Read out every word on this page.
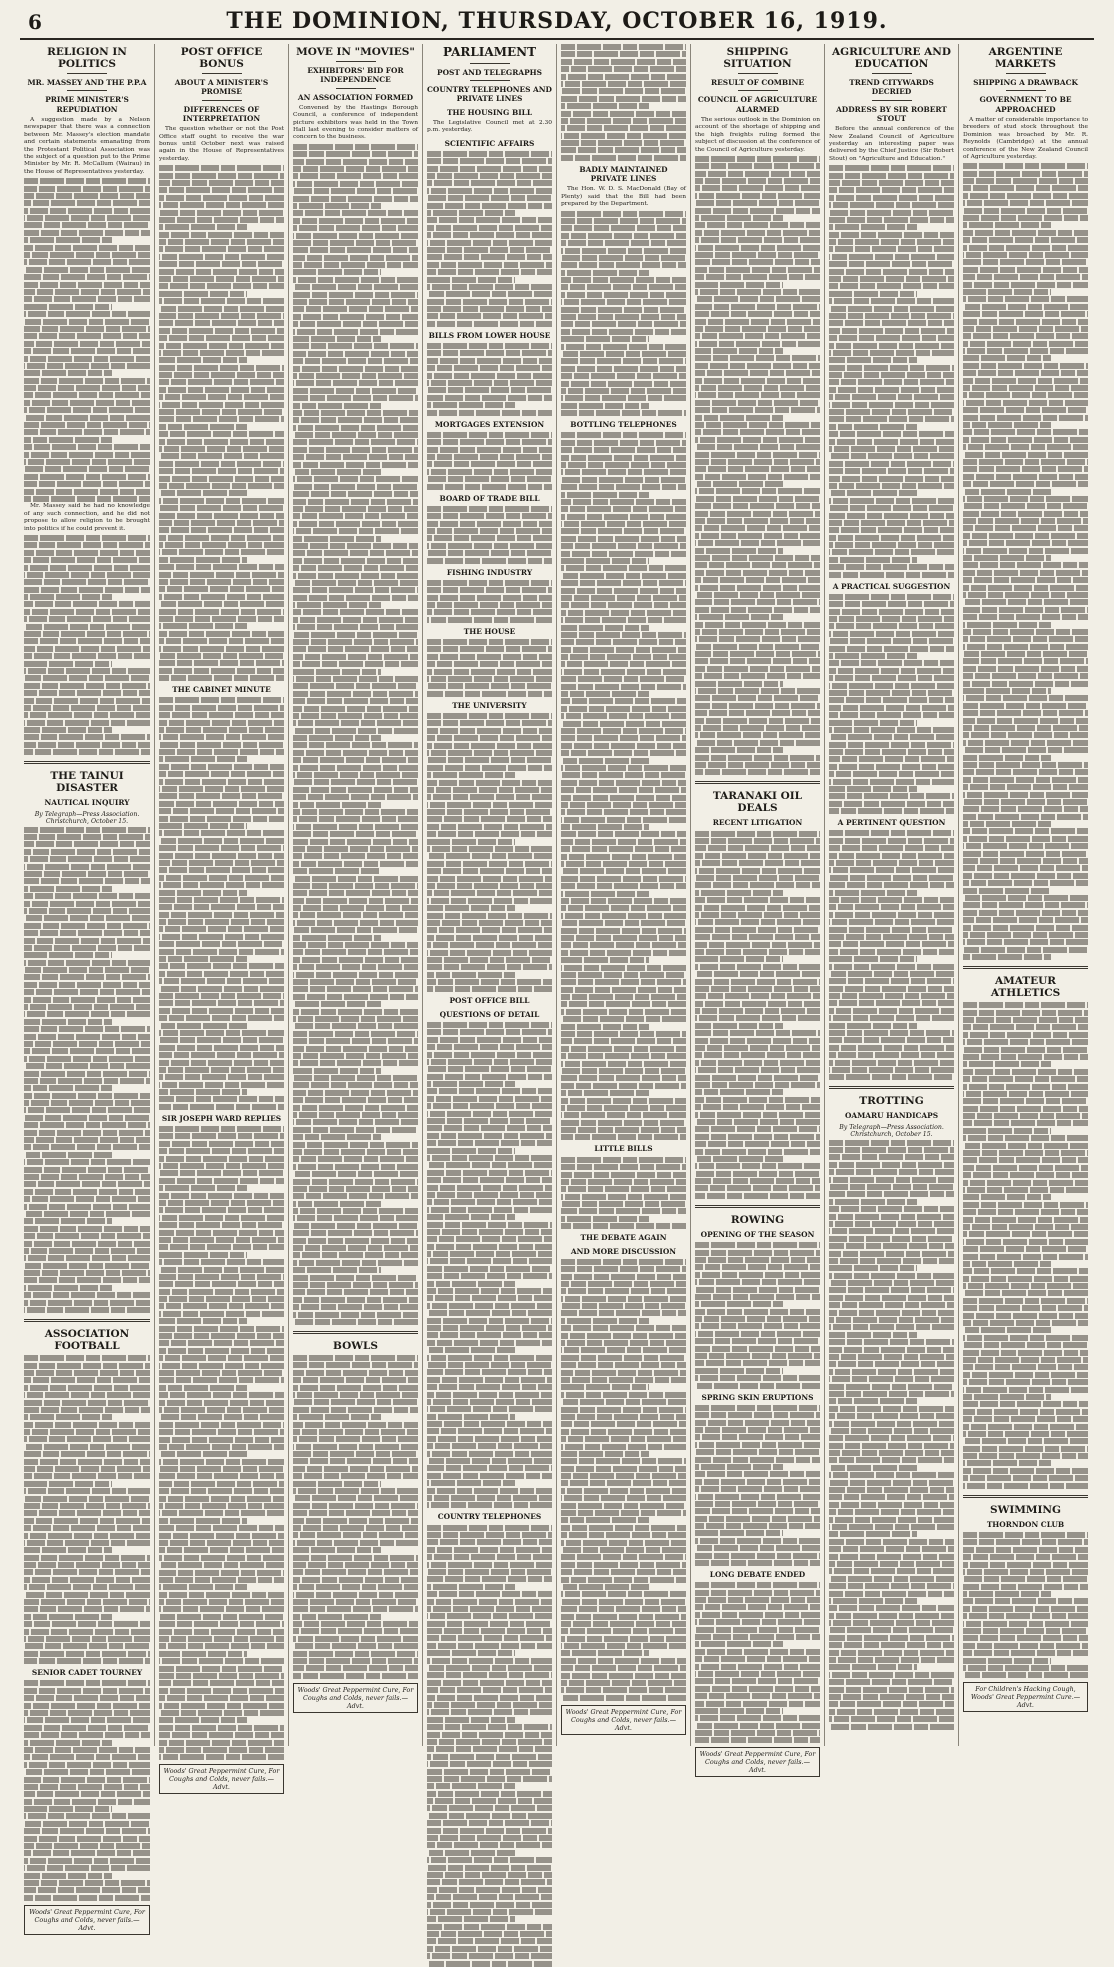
6	THE DOMINION, THURSDAY, OCTOBER 16, 1919.
RELIGION IN POLITICS
MR. MASSEY AND THE P.P.A
PRIME MINISTER'S REPUDIATION

A suggestion made by a Nelson newspaper that there was a connection between Mr. Massey's election mandate and certain statements emanating from the Protestant Political Association was the subject of a question put to the Prime Minister by Mr. R. McCallum (Wairau) in the House of Representatives yesterday.

Mr. Massey said he had no knowledge of any such connection, and he did not propose to allow religion to be brought into politics if he could prevent it.

THE TAINUI DISASTER
NAUTICAL INQUIRY
By Telegraph—Press Association. Christchurch, October 15.
ASSOCIATION FOOTBALL
SENIOR CADET TOURNEY
Woods' Great Peppermint Cure, For Coughs and Colds, never fails.—Advt.
POST OFFICE BONUS
ABOUT A MINISTER'S PROMISE
DIFFERENCES OF INTERPRETATION

The question whether or not the Post Office staff ought to receive the war bonus until October next was raised again in the House of Representatives yesterday.

THE CABINET MINUTE
SIR JOSEPH WARD REPLIES
Woods' Great Peppermint Cure, For Coughs and Colds, never fails.—Advt.
MOVE IN "MOVIES"
EXHIBITORS' BID FOR INDEPENDENCE
AN ASSOCIATION FORMED

Convened by the Hastings Borough Council, a conference of independent picture exhibitors was held in the Town Hall last evening to consider matters of concern to the business.

BOWLS
Woods' Great Peppermint Cure, For Coughs and Colds, never fails.—Advt.
PARLIAMENT
POST AND TELEGRAPHS
COUNTRY TELEPHONES AND PRIVATE LINES
THE HOUSING BILL

The Legislative Council met at 2.30 p.m. yesterday.

SCIENTIFIC AFFAIRS
BILLS FROM LOWER HOUSE
MORTGAGES EXTENSION
BOARD OF TRADE BILL
FISHING INDUSTRY
THE HOUSE
THE UNIVERSITY
POST OFFICE BILL
QUESTIONS OF DETAIL
COUNTRY TELEPHONES
BADLY MAINTAINED PRIVATE LINES

The Hon. W. D. S. MacDonald (Bay of Plenty) said that the Bill had been prepared by the Department.

BOTTLING TELEPHONES
LITTLE BILLS
THE DEBATE AGAIN
AND MORE DISCUSSION
Woods' Great Peppermint Cure, For Coughs and Colds, never fails.—Advt.
SHIPPING SITUATION
RESULT OF COMBINE
COUNCIL OF AGRICULTURE ALARMED

The serious outlook in the Dominion on account of the shortage of shipping and the high freights ruling formed the subject of discussion at the conference of the Council of Agriculture yesterday.

TARANAKI OIL DEALS
RECENT LITIGATION
ROWING
OPENING OF THE SEASON
SPRING SKIN ERUPTIONS
LONG DEBATE ENDED
Woods' Great Peppermint Cure, For Coughs and Colds, never fails.—Advt.
AGRICULTURE AND EDUCATION
TREND CITYWARDS DECRIED
ADDRESS BY SIR ROBERT STOUT

Before the annual conference of the New Zealand Council of Agriculture yesterday an interesting paper was delivered by the Chief Justice (Sir Robert Stout) on "Agriculture and Education."

A PRACTICAL SUGGESTION
A PERTINENT QUESTION
TROTTING
OAMARU HANDICAPS
By Telegraph—Press Association. Christchurch, October 15.
ARGENTINE MARKETS
SHIPPING A DRAWBACK
GOVERNMENT TO BE APPROACHED

A matter of considerable importance to breeders of stud stock throughout the Dominion was broached by Mr. R. Reynolds (Cambridge) at the annual conference of the New Zealand Council of Agriculture yesterday.

AMATEUR ATHLETICS
SWIMMING
THORNDON CLUB
For Children's Hacking Cough, Woods' Great Peppermint Cure.—Advt.
